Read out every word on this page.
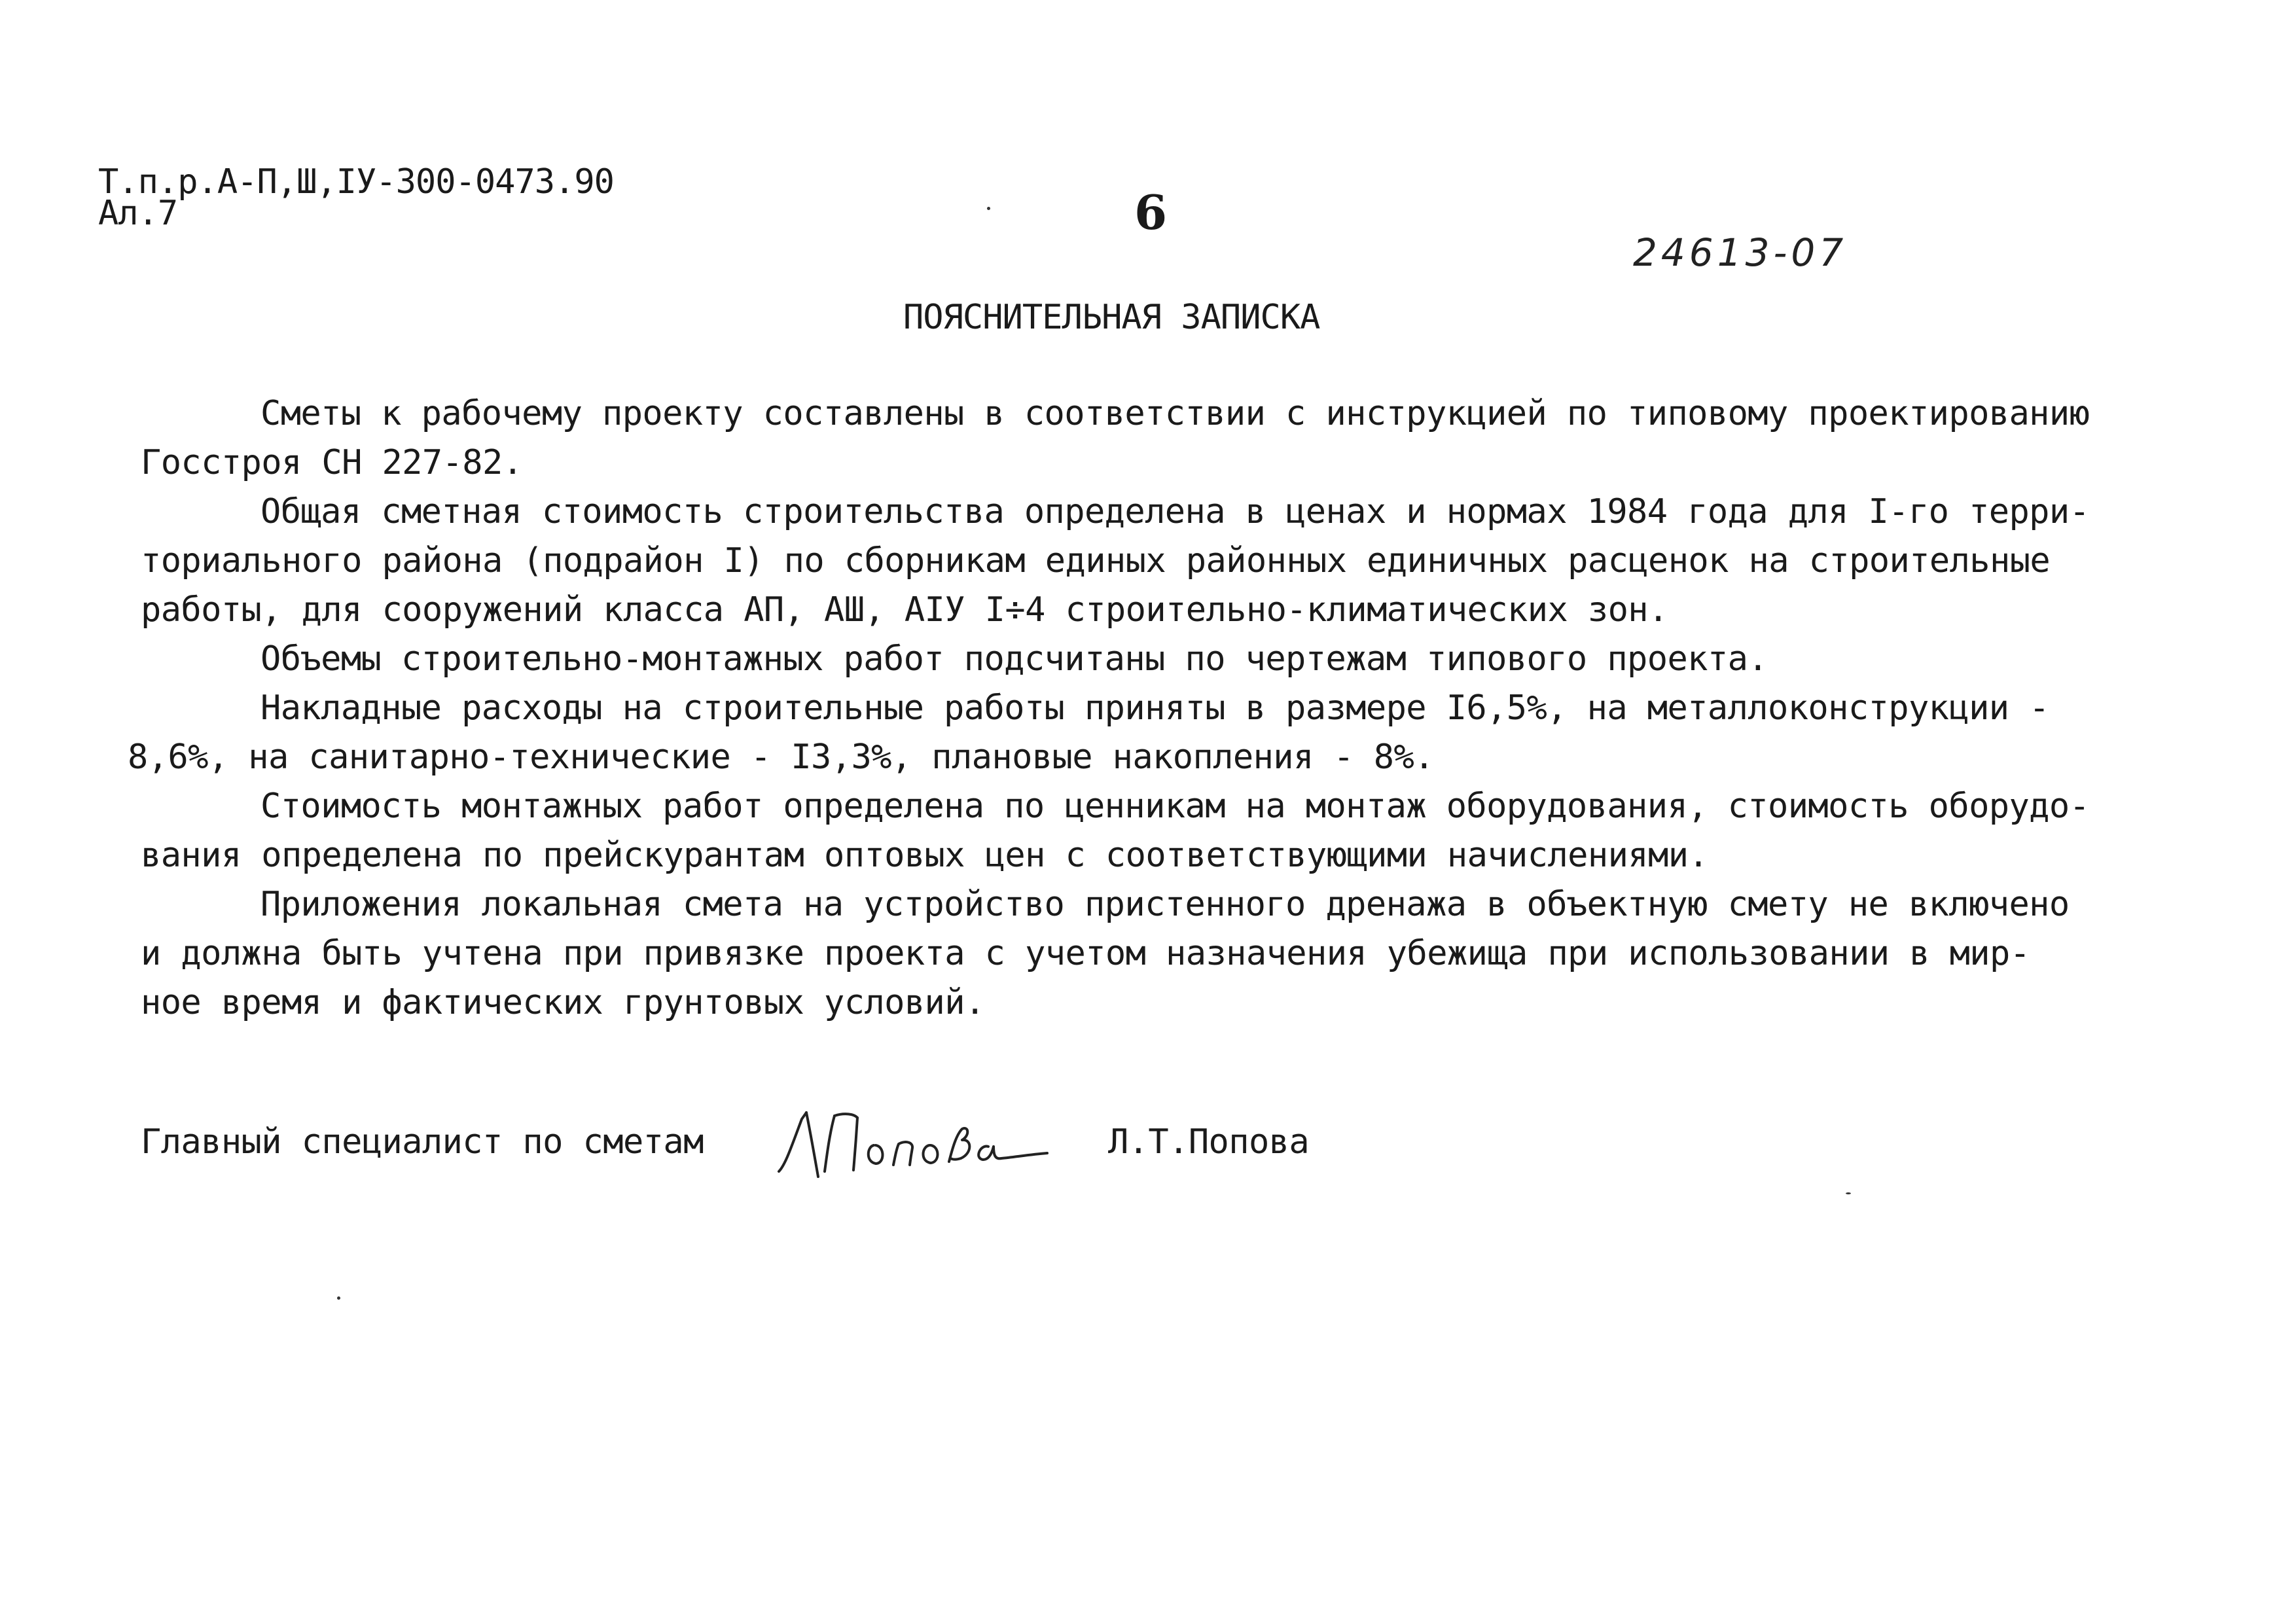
Т.п.р.А-П,Ш,IУ-300-0473.90
Ал.7	6
24613-07
ПОЯСНИТЕЛЬНАЯ ЗАПИСКА
Сметы к рабочему проекту составлены в соответствии с инструкцией по типовому проектированию
Госстроя СН 227-82.
Общая сметная стоимость строительства определена в ценах и нормах 1984 года для I-го терри-
ториального района (подрайон I) по сборникам единых районных единичных расценок на строительные
работы, для сооружений класса АП, АШ, АIУ I÷4 строительно-климатических зон.
Объемы строительно-монтажных работ подсчитаны по чертежам типового проекта.
Накладные расходы на строительные работы приняты в размере I6,5%, на металлоконструкции -
8,6%, на санитарно-технические - I3,3%, плановые накопления - 8%.
Стоимость монтажных работ определена по ценникам на монтаж оборудования, стоимость оборудо-
вания определена по прейскурантам оптовых цен с соответствующими начислениями.
Приложения локальная смета на устройство пристенного дренажа в объектную смету не включено
и должна быть учтена при привязке проекта с учетом назначения убежища при использовании в мир-
ное время и фактических грунтовых условий.
Главный специалист по сметам	Л.Т.Попова
